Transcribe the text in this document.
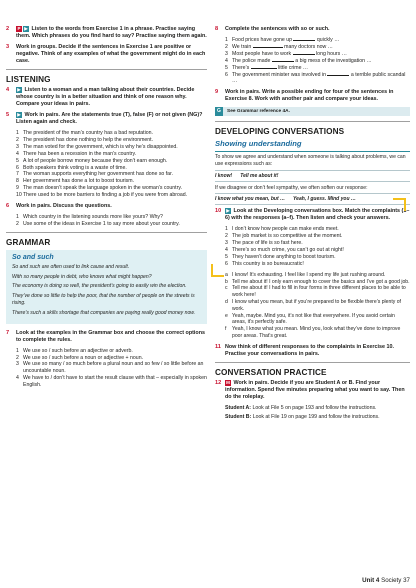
2	P ▶ Listen to the words from Exercise 1 in a phrase. Practise saying them. Which phrases do you find hard to say? Practise saying them again.
3	Work in groups. Decide if the sentences in Exercise 1 are positive or negative. Think of any examples of what the government might do in each case.
LISTENING
4	▶ Listen to a woman and a man talking about their countries. Decide whose country is in a better situation and think of one reason why. Compare your ideas in pairs.
5	▶ Work in pairs. Are the statements true (T), false (F) or not given (NG)? Listen again and check.
1 The president of the man’s country has a bad reputation.
2 The president has done nothing to help the environment.
3 The man voted for the government, which is why he’s disappointed.
4 There has been a recession in the man’s country.
5 A lot of people borrow money because they don’t earn enough.
6 Both speakers think voting is a waste of time.
7 The woman supports everything her government has done so far.
8 Her government has done a lot to boost tourism.
9 The man doesn’t speak the language spoken in the woman’s country.
10 There used to be more barriers to finding a job if you were from abroad.
6	Work in pairs. Discuss the questions.
1 Which country in the listening sounds more like yours? Why?
2 Use some of the ideas in Exercise 1 to say more about your country.
GRAMMAR
So and such

So and such are often used to link cause and result.

With so many people in debt, who knows what might happen?

The economy is doing so well, the president’s going to easily win the election.

They’ve done so little to help the poor, that the number of people on the streets is rising.

There’s such a skills shortage that companies are paying really good money now.

7	Look at the examples in the Grammar box and choose the correct options to complete the rules.
1 We use so / such before an adjective or adverb.
2 We use so / such before a noun or adjective + noun.
3 We use so many / so much before a plural noun and so few / so little before an uncountable noun.
4 We have to / don’t have to start the result clause with that – especially in spoken English.
8	Complete the sentences with so or such.
1 Food prices have gone up	quickly …
2 We train	many doctors now …
3 Most people have to work	long hours …
4 The police made	a big mess of the investigation …
5 There’s	little crime …
6 The government minister was involved in	a terrible public scandal …
9	Work in pairs. Write a possible ending for four of the sentences in Exercise 8. Work with another pair and compare your ideas.
G	See Grammar reference 4A.
DEVELOPING CONVERSATIONS
Showing understanding
To show we agree and understand when someone is talking about problems, we can use expressions such as:
I know! Tell me about it!
If we disagree or don’t feel sympathy, we often soften our response:
I know what you mean, but … Yeah, I guess. Mind you …
10	▶ Look at the Developing conversations box. Match the complaints (1–6) with the responses (a–f). Then listen and check your answers.
1 I don’t know how people can make ends meet.
2 The job market is so competitive at the moment.
3 The pace of life is so fast here.
4 There’s so much crime, you can’t go out at night!
5 They haven’t done anything to boost tourism.
6 This country is so bureaucratic!
a I know! It’s exhausting. I feel like I spend my life just rushing around.
b Tell me about it! I only earn enough to cover the basics and I’ve got a good job.
c Tell me about it! I had to fill in four forms in three different places to be able to work here!
d I know what you mean, but if you’re prepared to be flexible there’s plenty of work.
e Yeah, maybe. Mind you, it’s not like that everywhere. If you avoid certain areas, it’s perfectly safe.
f	Yeah, I know what you mean. Mind you, look what they’ve done to improve poor areas. That’s great.
11 Now think of different responses to the complaints in Exercise 10. Practise your conversations in pairs.
CONVERSATION PRACTICE
12	M Work in pairs. Decide if you are Student A or B. Find your information. Spend five minutes preparing what you want to say. Then do the roleplay.
Student A: Look at File 5 on page 193 and follow the instructions.
Student B: Look at File 19 on page 199 and follow the instructions.
Unit 4 Society 37
